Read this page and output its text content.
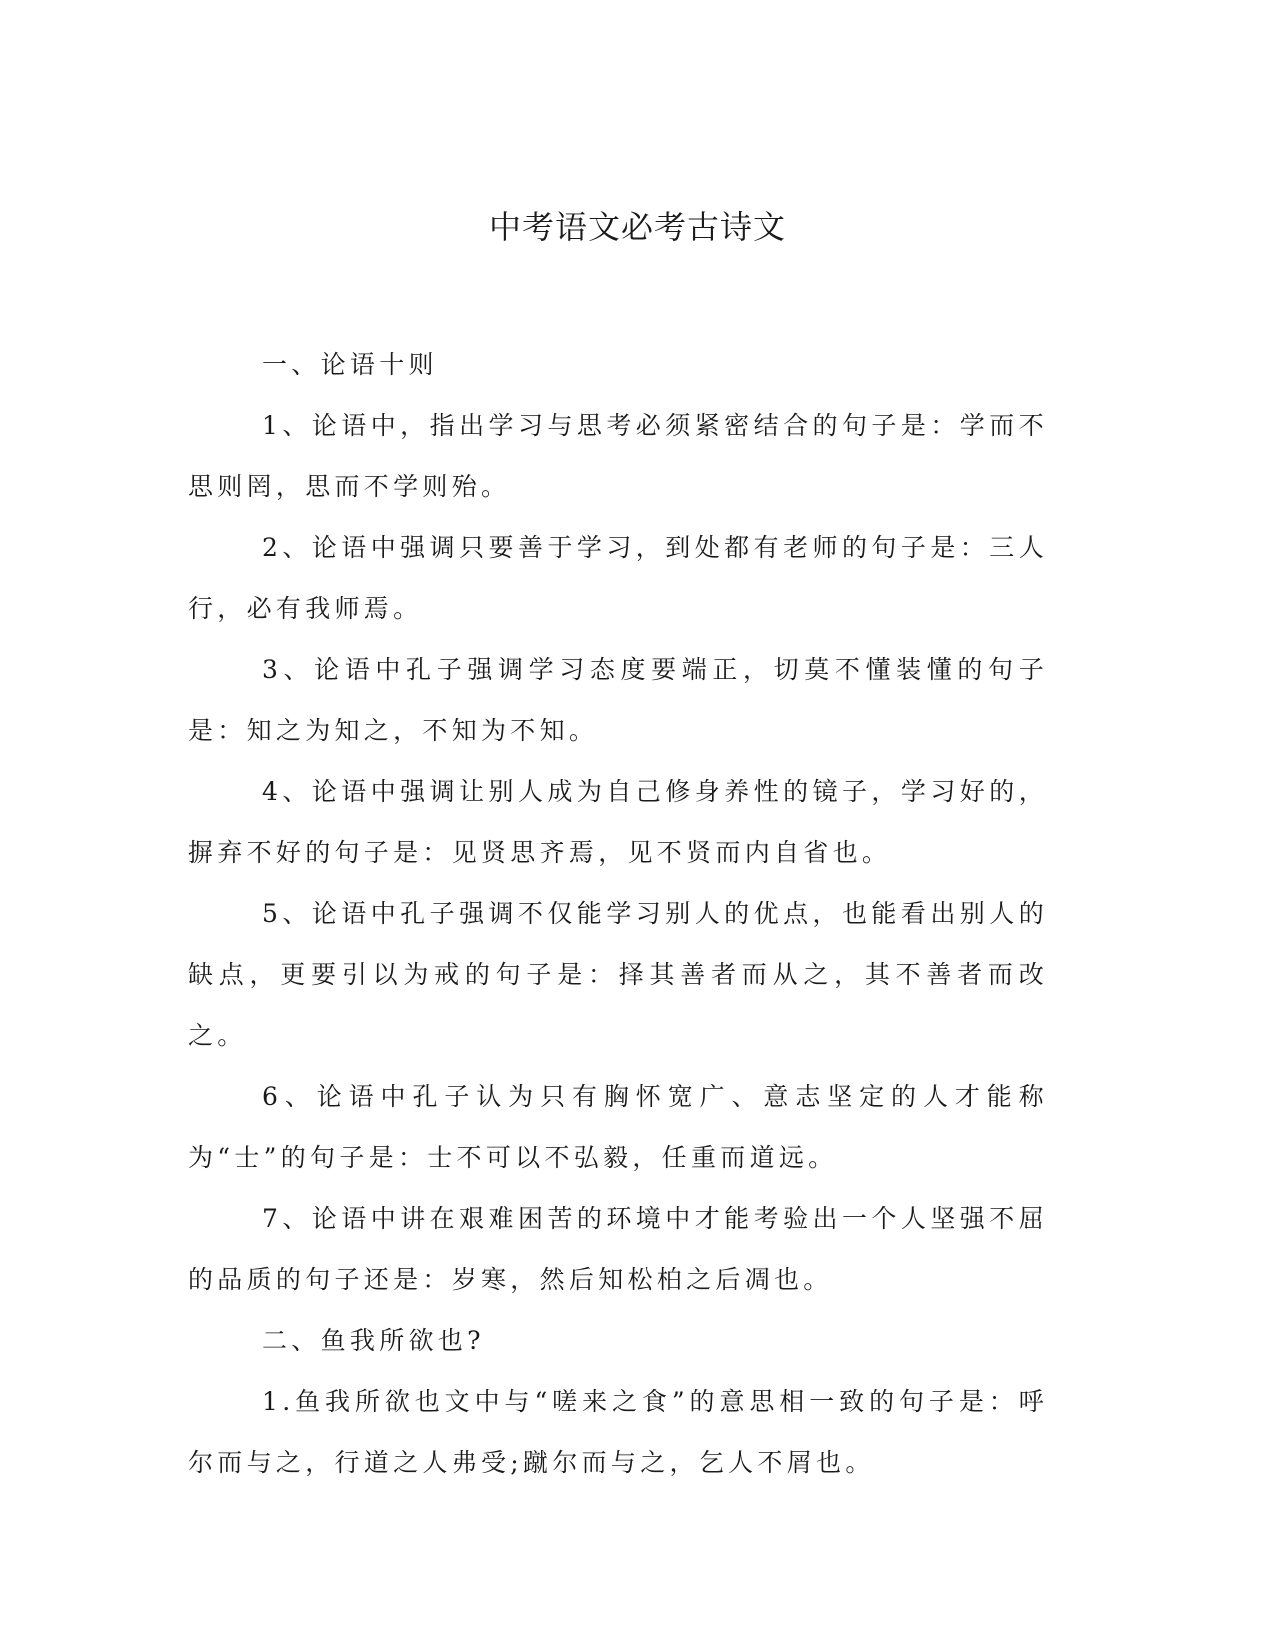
中考语文必考古诗文

一、论语十则

1、论语中，指出学习与思考必须紧密结合的句子是：学而不思则罔，思而不学则殆。

2、论语中强调只要善于学习，到处都有老师的句子是：三人行，必有我师焉。

3、论语中孔子强调学习态度要端正，切莫不懂装懂的句子是：知之为知之，不知为不知。

4、论语中强调让别人成为自己修身养性的镜子，学习好的，摒弃不好的句子是：见贤思齐焉，见不贤而内自省也。

5、论语中孔子强调不仅能学习别人的优点，也能看出别人的缺点，更要引以为戒的句子是：择其善者而从之，其不善者而改之。

6、论语中孔子认为只有胸怀宽广、意志坚定的人才能称为“士”的句子是：士不可以不弘毅，任重而道远。

7、论语中讲在艰难困苦的环境中才能考验出一个人坚强不屈的品质的句子还是：岁寒，然后知松柏之后凋也。

二、鱼我所欲也?

1.鱼我所欲也文中与“嗟来之食”的意思相一致的句子是：呼尔而与之，行道之人弗受;蹴尔而与之，乞人不屑也。
